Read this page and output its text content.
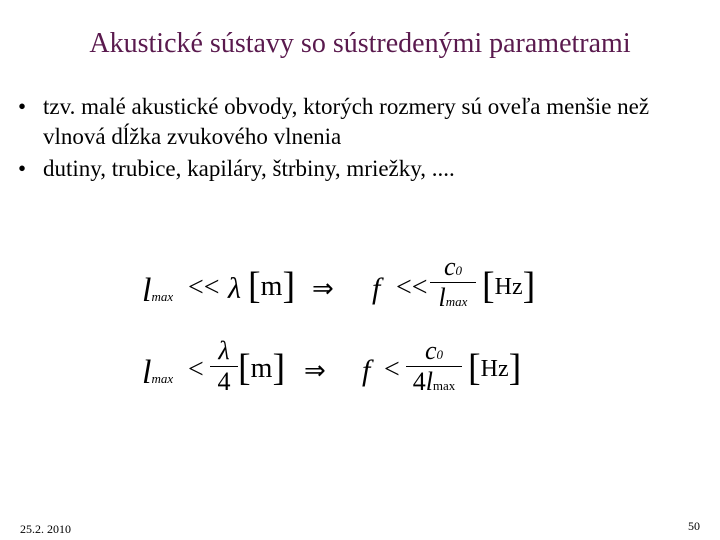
Akustické sústavy so sústredenými parametrami
• tzv. malé akustické obvody, ktorých rozmery sú oveľa menšie než vlnová dĺžka zvukového vlnenia
• dutiny, trubice, kapiláry, štrbiny, mriežky, ....
lmax << λ [m] ⇒ f <<
c0
lmax [Hz]
lmax <
λ
4 [m] ⇒ f <
c0
4lmax [Hz]
25.2. 2010	50
